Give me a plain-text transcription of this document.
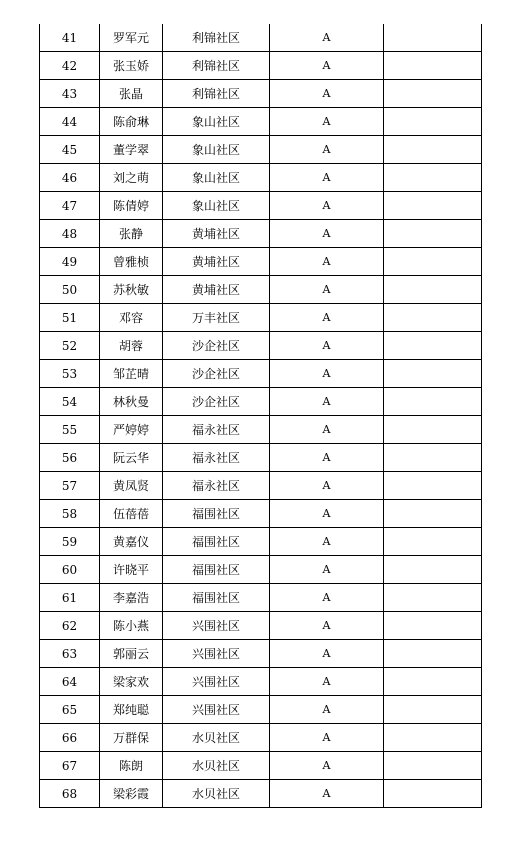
41	罗军元	利锦社区	A	
42	张玉娇	利锦社区	A	
43	张晶	利锦社区	A	
44	陈俞琳	象山社区	A	
45	董学翠	象山社区	A	
46	刘之萌	象山社区	A	
47	陈倩婷	象山社区	A	
48	张静	黄埔社区	A	
49	曾雅桢	黄埔社区	A	
50	苏秋敏	黄埔社区	A	
51	邓容	万丰社区	A	
52	胡蓉	沙企社区	A	
53	邹芷晴	沙企社区	A	
54	林秋曼	沙企社区	A	
55	严婷婷	福永社区	A	
56	阮云华	福永社区	A	
57	黄凤贤	福永社区	A	
58	伍蓓蓓	福围社区	A	
59	黄嘉仪	福围社区	A	
60	许晓平	福围社区	A	
61	李嘉浩	福围社区	A	
62	陈小燕	兴围社区	A	
63	郭丽云	兴围社区	A	
64	梁家欢	兴围社区	A	
65	郑纯聪	兴围社区	A	
66	万群保	水贝社区	A	
67	陈朗	水贝社区	A	
68	梁彩霞	水贝社区	A	
